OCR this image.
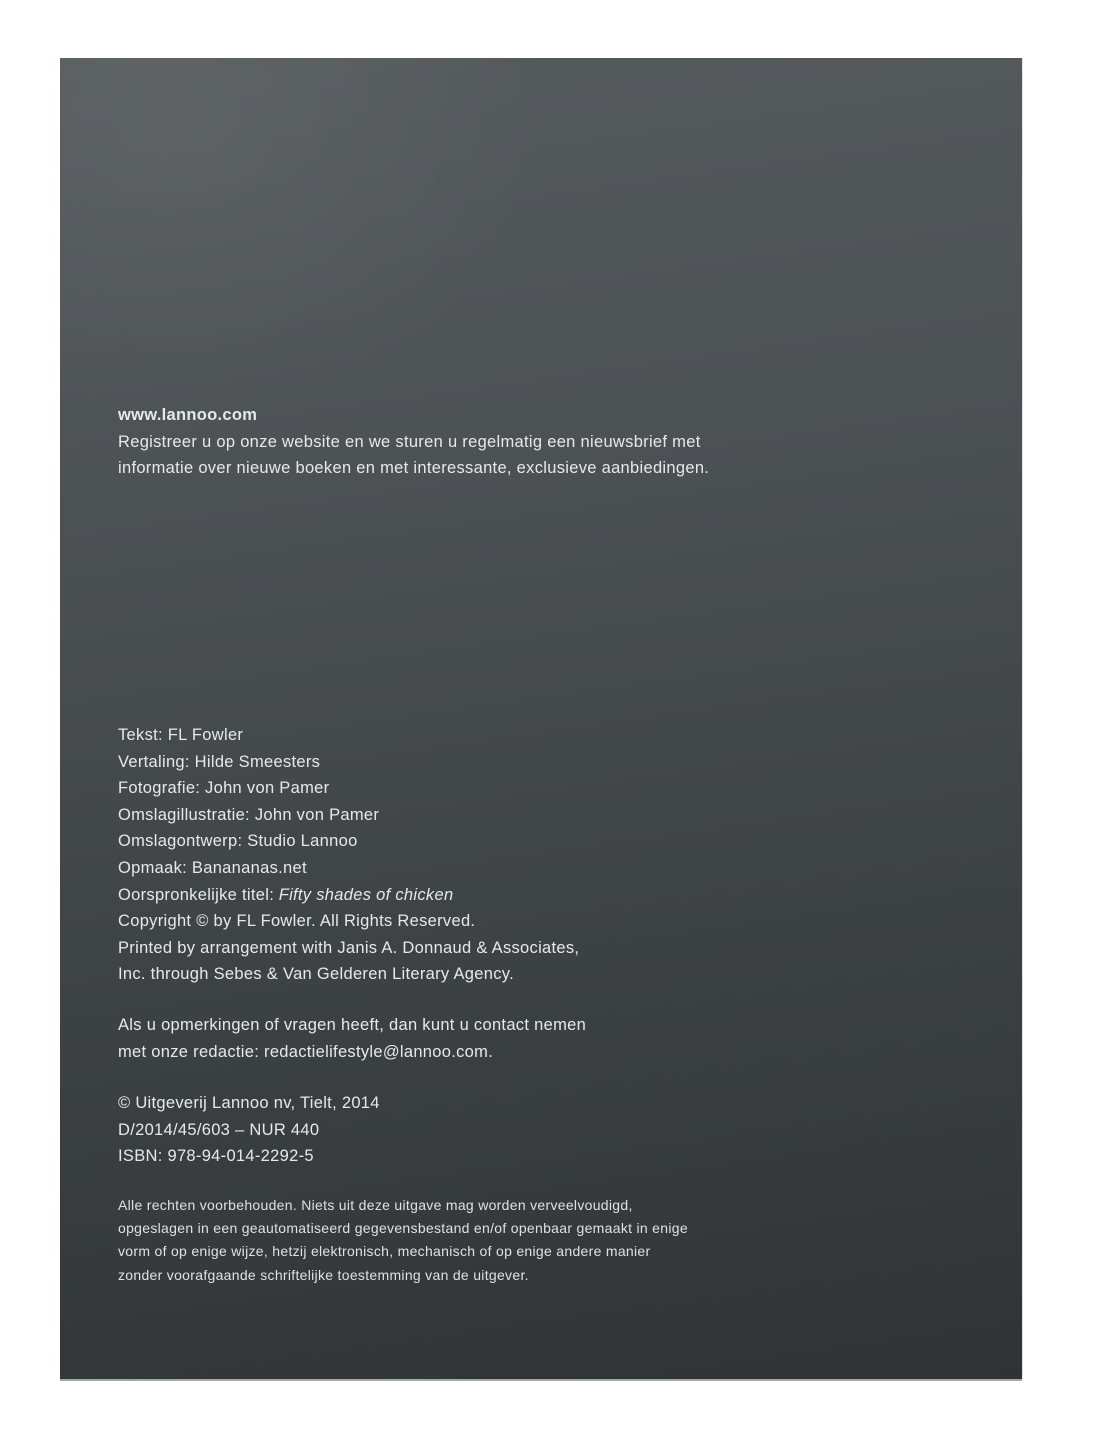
www.lannoo.com

Registreer u op onze website en we sturen u regelmatig een nieuwsbrief met

informatie over nieuwe boeken en met interessante, exclusieve aanbiedingen.

Tekst: FL Fowler

Vertaling: Hilde Smeesters

Fotografie: John von Pamer

Omslagillustratie: John von Pamer

Omslagontwerp: Studio Lannoo

Opmaak: Banananas.net

Oorspronkelijke titel: Fifty shades of chicken

Copyright © by FL Fowler. All Rights Reserved.

Printed by arrangement with Janis A. Donnaud & Associates,

Inc. through Sebes & Van Gelderen Literary Agency.

Als u opmerkingen of vragen heeft, dan kunt u contact nemen

met onze redactie: redactielifestyle@lannoo.com.

© Uitgeverij Lannoo nv, Tielt, 2014

D/2014/45/603 – NUR 440

ISBN: 978-94-014-2292-5

Alle rechten voorbehouden. Niets uit deze uitgave mag worden verveelvoudigd,

opgeslagen in een geautomatiseerd gegevensbestand en/of openbaar gemaakt in enige

vorm of op enige wijze, hetzij elektronisch, mechanisch of op enige andere manier

zonder voorafgaande schriftelijke toestemming van de uitgever.
